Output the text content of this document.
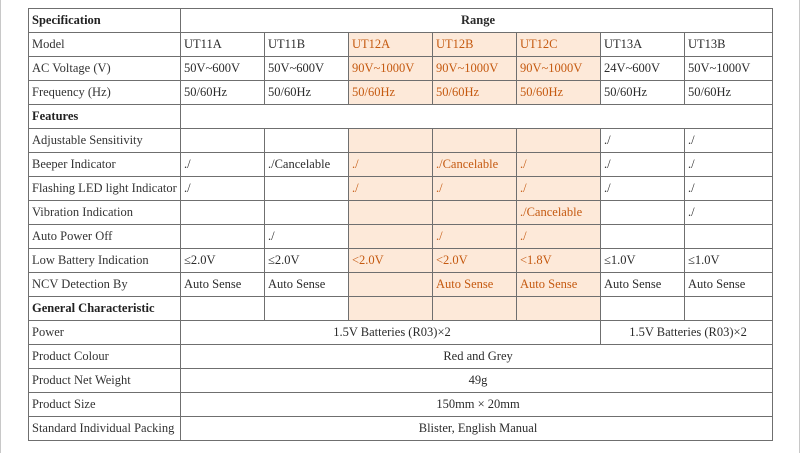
Specification	Range						
Model	UT11A	UT11B	UT12A	UT12B	UT12C	UT13A	UT13B
AC Voltage (V)	50V~600V	50V~600V	90V~1000V	90V~1000V	90V~1000V	24V~600V	50V~1000V
Frequency (Hz)	50/60Hz	50/60Hz	50/60Hz	50/60Hz	50/60Hz	50/60Hz	50/60Hz
Features							
Adjustable Sensitivity						./	./
Beeper Indicator	./	./Cancelable	./	./Cancelable	./	./	./
Flashing LED light Indicator	./		./	./	./	./	./
Vibration Indication					./Cancelable		./
Auto Power Off		./		./	./		
Low Battery Indication	≤2.0V	≤2.0V	<2.0V	<2.0V	<1.8V	≤1.0V	≤1.0V
NCV Detection By	Auto Sense	Auto Sense		Auto Sense	Auto Sense	Auto Sense	Auto Sense
General Characteristic							
Power	1.5V Batteries (R03)×2					1.5V Batteries (R03)×2	
Product Colour	Red and Grey						
Product Net Weight	49g						
Product Size	150mm × 20mm						
Standard Individual Packing	Blister, English Manual						
